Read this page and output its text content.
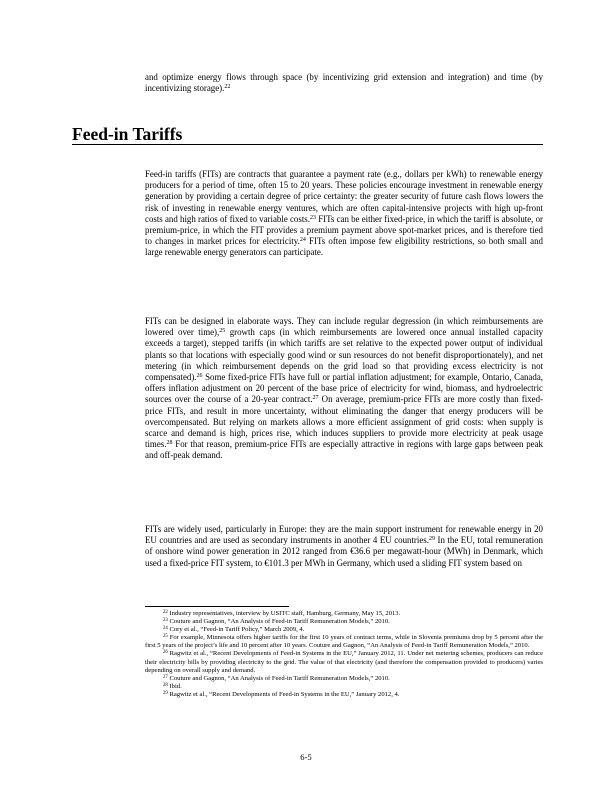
and optimize energy flows through space (by incentivizing grid extension and integration) and time (by incentivizing storage).$^{22}$

Feed-in Tariffs

Feed-in tariffs (FITs) are contracts that guarantee a payment rate (e.g., dollars per kWh) to renewable energy producers for a period of time, often 15 to 20 years. These policies encourage investment in renewable energy generation by providing a certain degree of price certainty: the greater security of future cash flows lowers the risk of investing in renewable energy ventures, which are often capital-intensive projects with high up-front costs and high ratios of fixed to variable costs.$^{23}$ FITs can be either fixed-price, in which the tariff is absolute, or premium-price, in which the FIT provides a premium payment above spot-market prices, and is therefore tied to changes in market prices for electricity.$^{24}$ FITs often impose few eligibility restrictions, so both small and large renewable energy generators can participate.

FITs can be designed in elaborate ways. They can include regular degression (in which reimbursements are lowered over time),$^{25}$ growth caps (in which reimbursements are lowered once annual installed capacity exceeds a target), stepped tariffs (in which tariffs are set relative to the expected power output of individual plants so that locations with especially good wind or sun resources do not benefit disproportionately), and net metering (in which reimbursement depends on the grid load so that providing excess electricity is not compensated).$^{26}$ Some fixed-price FITs have full or partial inflation adjustment; for example, Ontario, Canada, offers inflation adjustment on 20 percent of the base price of electricity for wind, biomass, and hydroelectric sources over the course of a 20-year contract.$^{27}$ On average, premium-price FITs are more costly than fixed-price FITs, and result in more uncertainty, without eliminating the danger that energy producers will be overcompensated. But relying on markets allows a more efficient assignment of grid costs: when supply is scarce and demand is high, prices rise, which induces suppliers to provide more electricity at peak usage times.$^{28}$ For that reason, premium-price FITs are especially attractive in regions with large gaps between peak and off-peak demand.

FITs are widely used, particularly in Europe: they are the main support instrument for renewable energy in 20 EU countries and are used as secondary instruments in another 4 EU countries.$^{29}$ In the EU, total remuneration of onshore wind power generation in 2012 ranged from €36.6 per megawatt-hour (MWh) in Denmark, which used a fixed-price FIT system, to €101.3 per MWh in Germany, which used a sliding FIT system based on

$^{22}$ Industry representatives, interview by USITC staff, Hamburg, Germany, May 15, 2013.

$^{23}$ Couture and Gagnon, “An Analysis of Feed-in Tariff Remuneration Models,” 2010.

$^{24}$ Cory et al., “Feed-in Tariff Policy,” March 2009, 4.

$^{25}$ For example, Minnesota offers higher tariffs for the first 10 years of contract terms, while in Slovenia premiums drop by 5 percent after the first 5 years of the project’s life and 10 percent after 10 years. Couture and Gagnon, “An Analysis of Feed-in Tariff Remuneration Models,” 2010.

$^{26}$ Ragwitz et al., “Recent Developments of Feed-in Systems in the EU,” January 2012, 11. Under net metering schemes, producers can reduce their electricity bills by providing electricity to the grid. The value of that electricity (and therefore the compensation provided to producers) varies depending on overall supply and demand.

$^{27}$ Couture and Gagnon, “An Analysis of Feed-in Tariff Remuneration Models,” 2010.

$^{28}$ Ibid.

$^{29}$ Ragwitz et al., “Recent Developments of Feed-in Systems in the EU,” January 2012, 4.

6-5
